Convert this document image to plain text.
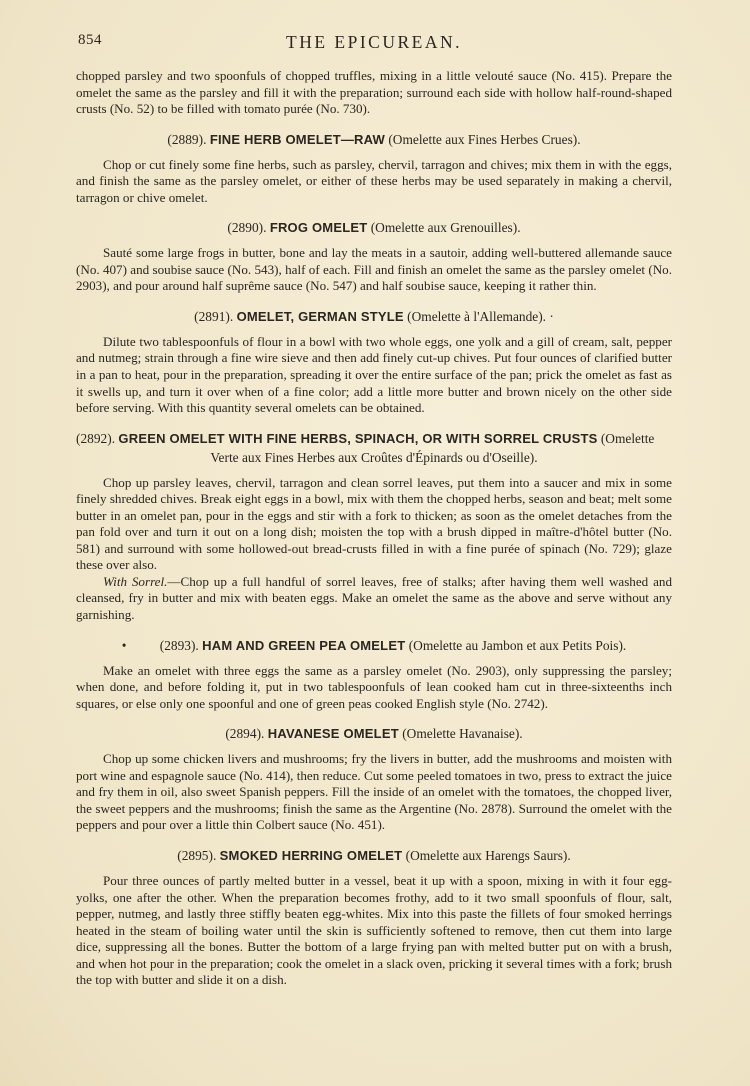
854	THE EPICUREAN.

chopped parsley and two spoonfuls of chopped truffles, mixing in a little velouté sauce (No. 415). Prepare the omelet the same as the parsley and fill it with the preparation; surround each side with hollow half-round-shaped crusts (No. 52) to be filled with tomato purée (No. 730).

(2889). FINE HERB OMELET—RAW (Omelette aux Fines Herbes Crues).

Chop or cut finely some fine herbs, such as parsley, chervil, tarragon and chives; mix them in with the eggs, and finish the same as the parsley omelet, or either of these herbs may be used separately in making a chervil, tarragon or chive omelet.

(2890). FROG OMELET (Omelette aux Grenouilles).

Sauté some large frogs in butter, bone and lay the meats in a sautoir, adding well-buttered allemande sauce (No. 407) and soubise sauce (No. 543), half of each. Fill and finish an omelet the same as the parsley omelet (No. 2903), and pour around half suprême sauce (No. 547) and half soubise sauce, keeping it rather thin.

(2891). OMELET, GERMAN STYLE (Omelette à l'Allemande). ·

Dilute two tablespoonfuls of flour in a bowl with two whole eggs, one yolk and a gill of cream, salt, pepper and nutmeg; strain through a fine wire sieve and then add finely cut-up chives. Put four ounces of clarified butter in a pan to heat, pour in the preparation, spreading it over the entire surface of the pan; prick the omelet as fast as it swells up, and turn it over when of a fine color; add a little more butter and brown nicely on the other side before serving. With this quantity several omelets can be obtained.

(2892). GREEN OMELET WITH FINE HERBS, SPINACH, OR WITH SORREL CRUSTS (Omelette
Verte aux Fines Herbes aux Croûtes d'Épinards ou d'Oseille).

Chop up parsley leaves, chervil, tarragon and clean sorrel leaves, put them into a saucer and mix in some finely shredded chives. Break eight eggs in a bowl, mix with them the chopped herbs, season and beat; melt some butter in an omelet pan, pour in the eggs and stir with a fork to thicken; as soon as the omelet detaches from the pan fold over and turn it out on a long dish; moisten the top with a brush dipped in maître-d'hôtel butter (No. 581) and surround with some hollowed-out bread-crusts filled in with a fine purée of spinach (No. 729); glaze these over also.

With Sorrel.—Chop up a full handful of sorrel leaves, free of stalks; after having them well washed and cleansed, fry in butter and mix with beaten eggs. Make an omelet the same as the above and serve without any garnishing.

• (2893). HAM AND GREEN PEA OMELET (Omelette au Jambon et aux Petits Pois).

Make an omelet with three eggs the same as a parsley omelet (No. 2903), only suppressing the parsley; when done, and before folding it, put in two tablespoonfuls of lean cooked ham cut in three-sixteenths inch squares, or else only one spoonful and one of green peas cooked English style (No. 2742).

(2894). HAVANESE OMELET (Omelette Havanaise).

Chop up some chicken livers and mushrooms; fry the livers in butter, add the mushrooms and moisten with port wine and espagnole sauce (No. 414), then reduce. Cut some peeled tomatoes in two, press to extract the juice and fry them in oil, also sweet Spanish peppers. Fill the inside of an omelet with the tomatoes, the chopped liver, the sweet peppers and the mushrooms; finish the same as the Argentine (No. 2878). Surround the omelet with the peppers and pour over a little thin Colbert sauce (No. 451).

(2895). SMOKED HERRING OMELET (Omelette aux Harengs Saurs).

Pour three ounces of partly melted butter in a vessel, beat it up with a spoon, mixing in with it four egg-yolks, one after the other. When the preparation becomes frothy, add to it two small spoonfuls of flour, salt, pepper, nutmeg, and lastly three stiffly beaten egg-whites. Mix into this paste the fillets of four smoked herrings heated in the steam of boiling water until the skin is sufficiently softened to remove, then cut them into large dice, suppressing all the bones. Butter the bottom of a large frying pan with melted butter put on with a brush, and when hot pour in the preparation; cook the omelet in a slack oven, pricking it several times with a fork; brush the top with butter and slide it on a dish.
